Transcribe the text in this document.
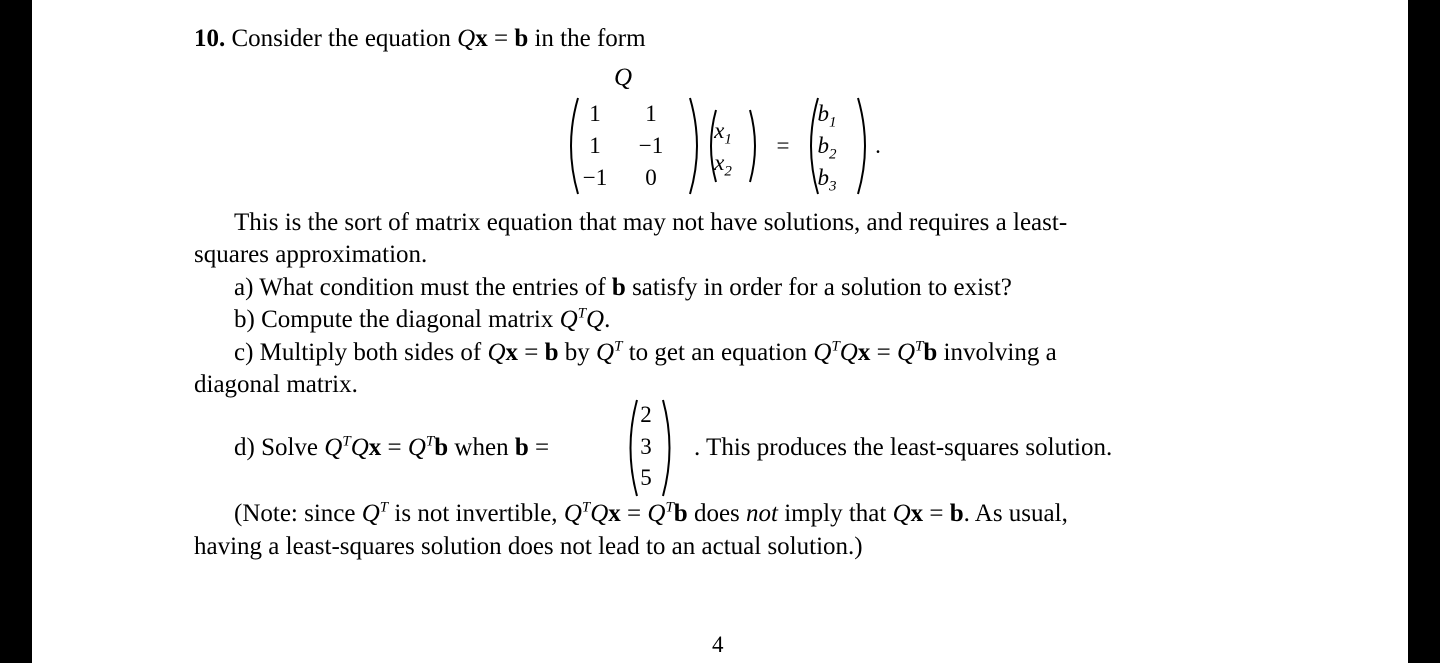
10. Consider the equation Qx = b in the form
Q
1	1
1	−1
−1	0
$x_1$
$x_2$
=
$b_1$
$b_2$
$b_3$
.
This is the sort of matrix equation that may not have solutions, and requires a least-
squares approximation.
a) What condition must the entries of b satisfy in order for a solution to exist?
b) Compute the diagonal matrix $Q^TQ$.
c) Multiply both sides of Qx = b by $Q^T$ to get an equation $Q^TQx = Q^Tb$ involving a
diagonal matrix.
d) Solve $Q^TQx = Q^Tb$ when b =
2
3
5
. This produces the least-squares solution.
(Note: since $Q^T$ is not invertible, $Q^TQx = Q^Tb$ does not imply that Qx = b. As usual,
having a least-squares solution does not lead to an actual solution.)
4
